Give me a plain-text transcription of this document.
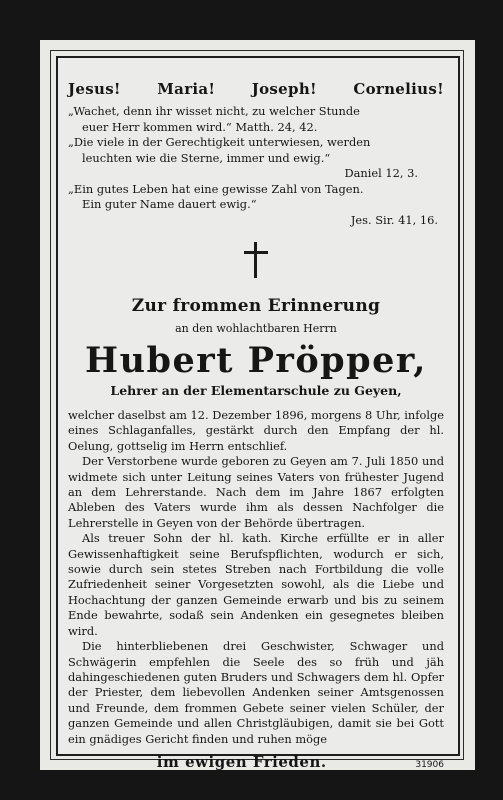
Jesus! Maria! Joseph! Cornelius!
„Wachet, denn ihr wisset nicht, zu welcher Stunde
euer Herr kommen wird.“ Matth. 24, 42.
„Die viele in der Gerechtigkeit unterwiesen, werden
leuchten wie die Sterne, immer und ewig.“
Daniel 12, 3.
„Ein gutes Leben hat eine gewisse Zahl von Tagen.
Ein guter Name dauert ewig.“
Jes. Sir. 41, 16.
Zur frommen Erinnerung
an den wohlachtbaren Herrn
Hubert Pröpper,
Lehrer an der Elementarschule zu Geyen,

welcher daselbst am 12. Dezember 1896, morgens 8 Uhr, infolge eines Schlaganfalles, gestärkt durch den Empfang der hl. Oelung, gottselig im Herrn entschlief.

Der Verstorbene wurde geboren zu Geyen am 7. Juli 1850 und widmete sich unter Leitung seines Vaters von frühester Jugend an dem Lehrerstande. Nach dem im Jahre 1867 erfolgten Ableben des Vaters wurde ihm als dessen Nachfolger die Lehrerstelle in Geyen von der Behörde übertragen.

Als treuer Sohn der hl. kath. Kirche erfüllte er in aller Gewissenhaftigkeit seine Berufspflichten, wodurch er sich, sowie durch sein stetes Streben nach Fortbildung die volle Zufriedenheit seiner Vorgesetzten sowohl, als die Liebe und Hochachtung der ganzen Gemeinde erwarb und bis zu seinem Ende bewahrte, sodaß sein Andenken ein gesegnetes bleiben wird.

Die hinterbliebenen drei Geschwister, Schwager und Schwägerin empfehlen die Seele des so früh und jäh dahingeschiedenen guten Bruders und Schwagers dem hl. Opfer der Priester, dem liebevollen Andenken seiner Amtsgenossen und Freunde, dem frommen Gebete seiner vielen Schüler, der ganzen Gemeinde und allen Christgläubigen, damit sie bei Gott ein gnädiges Gericht finden und ruhen möge

im ewigen Frieden.	31906
